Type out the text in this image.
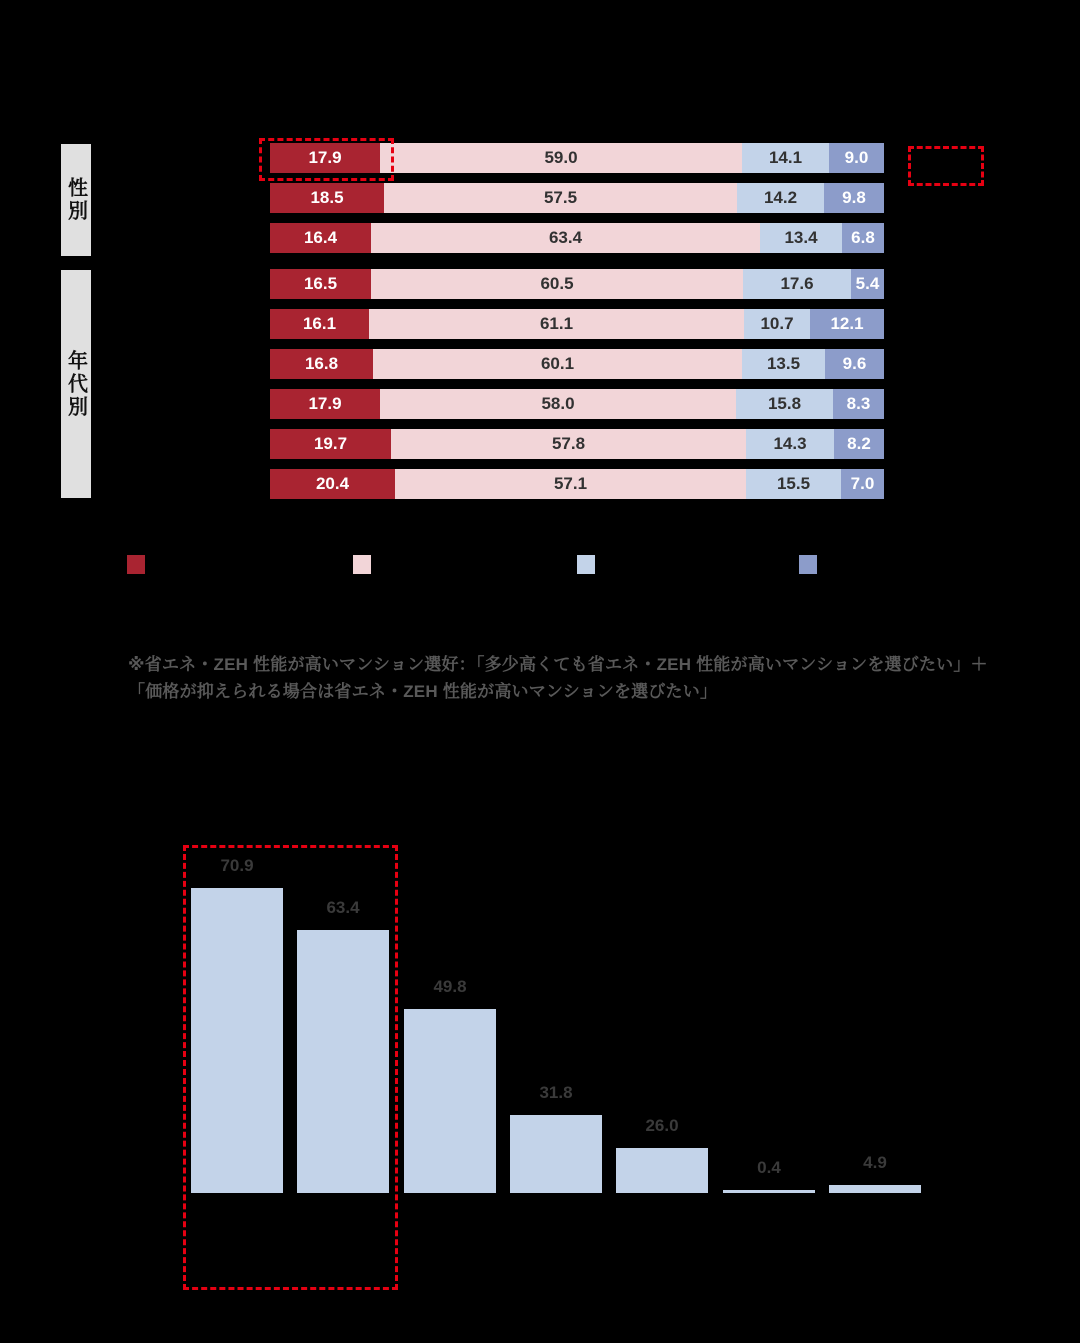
性別
17.9	59.0	14.1	9.0
18.5	57.5	14.2	9.8
16.4	63.4	13.4	6.8
年代別
16.5	60.5	17.6	5.4
16.1	61.1	10.7	12.1
16.8	60.1	13.5	9.6
17.9	58.0	15.8	8.3
19.7	57.8	14.3	8.2
20.4	57.1	15.5	7.0
※省エネ・ZEH 性能が高いマンション選好：「多少高くても省エネ・ZEH 性能が高いマンションを選びたい」＋
「価格が抑えられる場合は省エネ・ZEH 性能が高いマンションを選びたい」
70.9
63.4
49.8
31.8
26.0
0.4	4.9
